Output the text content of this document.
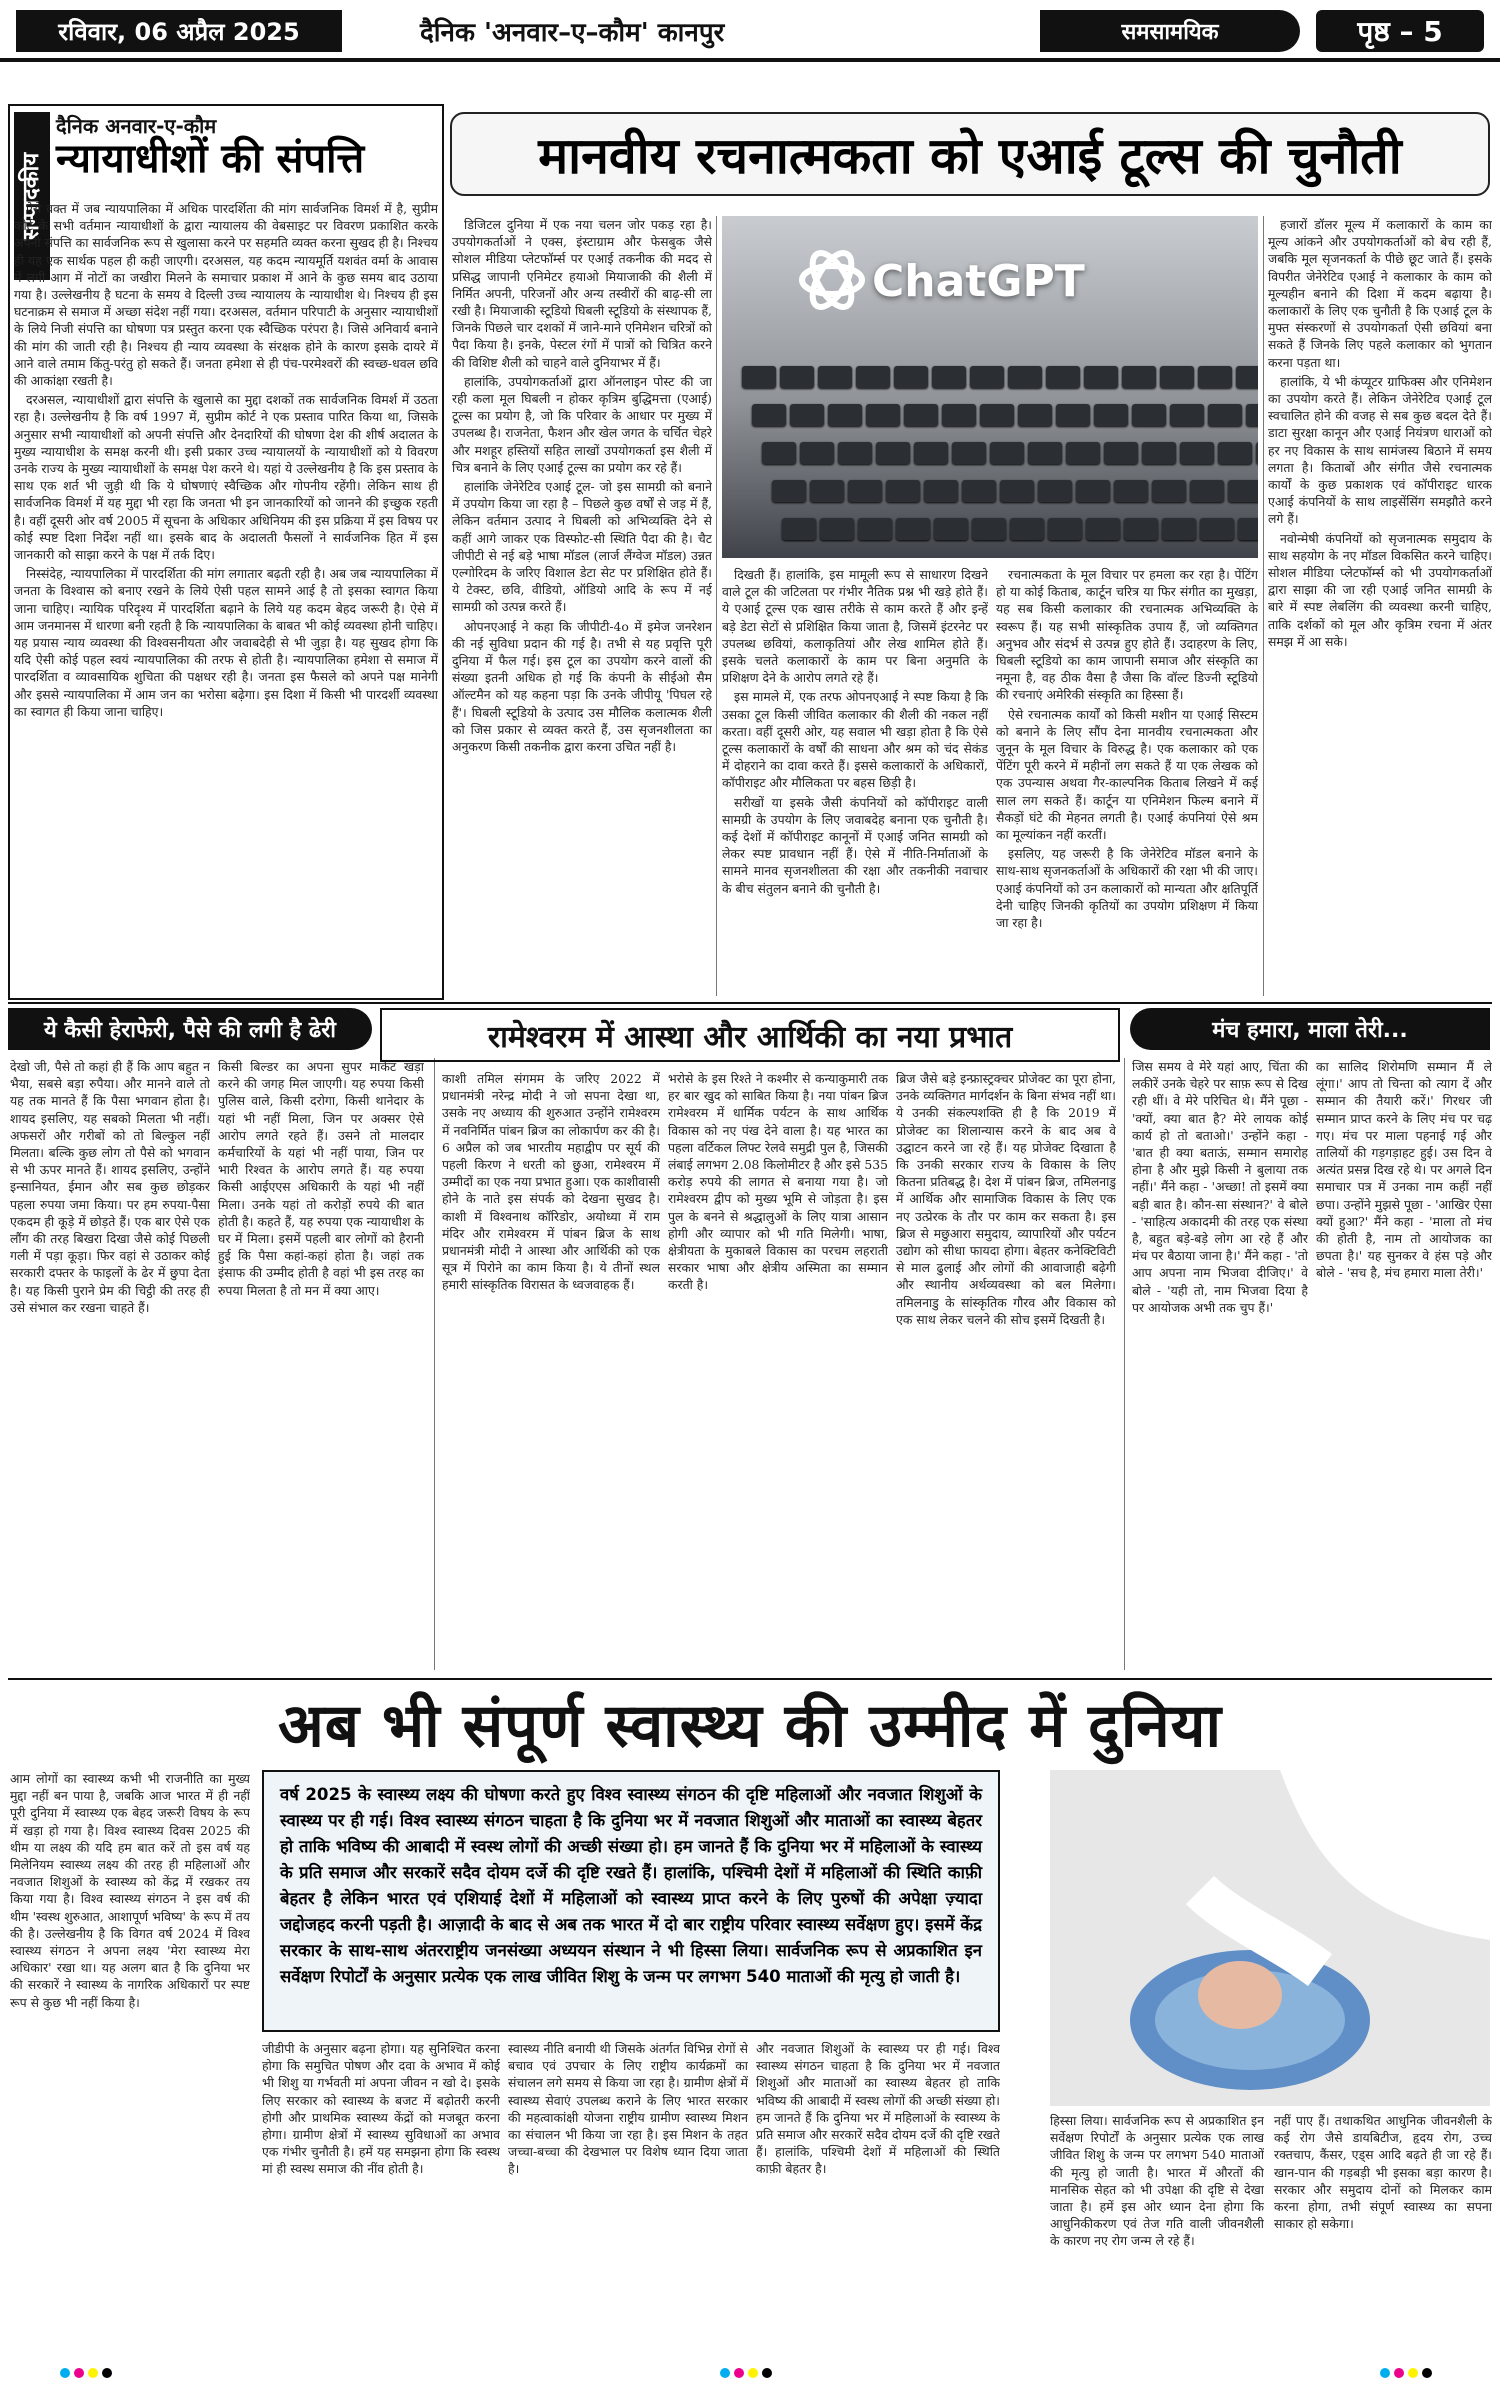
रविवार, 06 अप्रैल 2025	दैनिक 'अनवार–ए–कौम' कानपुर	समसामयिक	पृष्ठ – 5
सम्पादकीय
दैनिक अनवार-ए-कौम
न्यायाधीशों की संपत्ति

ऐसे वक्त में जब न्यायपालिका में अधिक पारदर्शिता की मांग सार्वजनिक विमर्श में है, सुप्रीम कोर्ट के सभी वर्तमान न्यायाधीशों के द्वारा न्यायालय की वेबसाइट पर विवरण प्रकाशित करके अपनी संपत्ति का सार्वजनिक रूप से खुलासा करने पर सहमति व्यक्त करना सुखद ही है। निश्चय ही यह एक सार्थक पहल ही कही जाएगी। दरअसल, यह कदम न्यायमूर्ति यशवंत वर्मा के आवास में लगी आग में नोटों का जखीरा मिलने के समाचार प्रकाश में आने के कुछ समय बाद उठाया गया है। उल्लेखनीय है घटना के समय वे दिल्ली उच्च न्यायालय के न्यायाधीश थे। निश्चय ही इस घटनाक्रम से समाज में अच्छा संदेश नहीं गया। दरअसल, वर्तमान परिपाटी के अनुसार न्यायाधीशों के लिये निजी संपत्ति का घोषणा पत्र प्रस्तुत करना एक स्वैच्छिक परंपरा है। जिसे अनिवार्य बनाने की मांग की जाती रही है। निश्चय ही न्याय व्यवस्था के संरक्षक होने के कारण इसके दायरे में आने वाले तमाम किंतु-परंतु हो सकते हैं। जनता हमेशा से ही पंच-परमेश्वरों की स्वच्छ-धवल छवि की आकांक्षा रखती है।

दरअसल, न्यायाधीशों द्वारा संपत्ति के खुलासे का मुद्दा दशकों तक सार्वजनिक विमर्श में उठता रहा है। उल्लेखनीय है कि वर्ष 1997 में, सुप्रीम कोर्ट ने एक प्रस्ताव पारित किया था, जिसके अनुसार सभी न्यायाधीशों को अपनी संपत्ति और देनदारियों की घोषणा देश की शीर्ष अदालत के मुख्य न्यायाधीश के समक्ष करनी थी। इसी प्रकार उच्च न्यायालयों के न्यायाधीशों को ये विवरण उनके राज्य के मुख्य न्यायाधीशों के समक्ष पेश करने थे। यहां ये उल्लेखनीय है कि इस प्रस्ताव के साथ एक शर्त भी जुड़ी थी कि ये घोषणाएं स्वैच्छिक और गोपनीय रहेंगी। लेकिन साथ ही सार्वजनिक विमर्श में यह मुद्दा भी रहा कि जनता भी इन जानकारियों को जानने की इच्छुक रहती है। वहीं दूसरी ओर वर्ष 2005 में सूचना के अधिकार अधिनियम की इस प्रक्रिया में इस विषय पर कोई स्पष्ट दिशा निर्देश नहीं था। इसके बाद के अदालती फैसलों ने सार्वजनिक हित में इस जानकारी को साझा करने के पक्ष में तर्क दिए।

निस्संदेह, न्यायपालिका में पारदर्शिता की मांग लगातार बढ़ती रही है। अब जब न्यायपालिका में जनता के विश्वास को बनाए रखने के लिये ऐसी पहल सामने आई है तो इसका स्वागत किया जाना चाहिए। न्यायिक परिदृश्य में पारदर्शिता बढ़ाने के लिये यह कदम बेहद जरूरी है। ऐसे में आम जनमानस में धारणा बनी रहती है कि न्यायपालिका के बाबत भी कोई व्यवस्था होनी चाहिए। यह प्रयास न्याय व्यवस्था की विश्वसनीयता और जवाबदेही से भी जुड़ा है। यह सुखद होगा कि यदि ऐसी कोई पहल स्वयं न्यायपालिका की तरफ से होती है। न्यायपालिका हमेशा से समाज में पारदर्शिता व व्यावसायिक शुचिता की पक्षधर रही है। जनता इस फैसले को अपने पक्ष मानेगी और इससे न्यायपालिका में आम जन का भरोसा बढ़ेगा। इस दिशा में किसी भी पारदर्शी व्यवस्था का स्वागत ही किया जाना चाहिए।

मानवीय रचनात्मकता को एआई टूल्स की चुनौती

डिजिटल दुनिया में एक नया चलन जोर पकड़ रहा है। उपयोगकर्ताओं ने एक्स, इंस्टाग्राम और फेसबुक जैसे सोशल मीडिया प्लेटफॉर्म्स पर एआई तकनीक की मदद से प्रसिद्ध जापानी एनिमेटर हयाओ मियाजाकी की शैली में निर्मित अपनी, परिजनों और अन्य तस्वीरों की बाढ़-सी ला रखी है। मियाजाकी स्टूडियो घिबली स्टूडियो के संस्थापक हैं, जिनके पिछले चार दशकों में जाने-माने एनिमेशन चरित्रों को पैदा किया है। इनके, पेस्टल रंगों में पात्रों को चित्रित करने की विशिष्ट शैली को चाहने वाले दुनियाभर में हैं।

हालांकि, उपयोगकर्ताओं द्वारा ऑनलाइन पोस्ट की जा रही कला मूल घिबली न होकर कृत्रिम बुद्धिमत्ता (एआई) टूल्स का प्रयोग है, जो कि परिवार के आधार पर मुख्य में उपलब्ध है। राजनेता, फैशन और खेल जगत के चर्चित चेहरे और मशहूर हस्तियों सहित लाखों उपयोगकर्ता इस शैली में चित्र बनाने के लिए एआई टूल्स का प्रयोग कर रहे हैं।

हालांकि जेनेरेटिव एआई टूल- जो इस सामग्री को बनाने में उपयोग किया जा रहा है – पिछले कुछ वर्षों से जड़ में हैं, लेकिन वर्तमान उत्पाद ने घिबली को अभिव्यक्ति देने से कहीं आगे जाकर एक विस्फोट-सी स्थिति पैदा की है। चैट जीपीटी से नई बड़े भाषा मॉडल (लार्ज लैंग्वेज मॉडल) उन्नत एल्गोरिदम के जरिए विशाल डेटा सेट पर प्रशिक्षित होते हैं। ये टेक्स्ट, छवि, वीडियो, ऑडियो आदि के रूप में नई सामग्री को उत्पन्न करते हैं।

ओपनएआई ने कहा कि जीपीटी-4o में इमेज जनरेशन की नई सुविधा प्रदान की गई है। तभी से यह प्रवृत्ति पूरी दुनिया में फैल गई। इस टूल का उपयोग करने वालों की संख्या इतनी अधिक हो गई कि कंपनी के सीईओ सैम ऑल्टमैन को यह कहना पड़ा कि उनके जीपीयू 'पिघल रहे हैं'। घिबली स्टूडियो के उत्पाद उस मौलिक कलात्मक शैली को जिस प्रकार से व्यक्त करते हैं, उस सृजनशीलता का अनुकरण किसी तकनीक द्वारा करना उचित नहीं है।

ChatGPT

दिखती हैं। हालांकि, इस मामूली रूप से साधारण दिखने वाले टूल की जटिलता पर गंभीर नैतिक प्रश्न भी खड़े होते हैं। ये एआई टूल्स एक खास तरीके से काम करते हैं और इन्हें बड़े डेटा सेटों से प्रशिक्षित किया जाता है, जिसमें इंटरनेट पर उपलब्ध छवियां, कलाकृतियां और लेख शामिल होते हैं। इसके चलते कलाकारों के काम पर बिना अनुमति के प्रशिक्षण देने के आरोप लगते रहे हैं।

इस मामले में, एक तरफ ओपनएआई ने स्पष्ट किया है कि उसका टूल किसी जीवित कलाकार की शैली की नकल नहीं करता। वहीं दूसरी ओर, यह सवाल भी खड़ा होता है कि ऐसे टूल्स कलाकारों के वर्षों की साधना और श्रम को चंद सेकंड में दोहराने का दावा करते हैं। इससे कलाकारों के अधिकारों, कॉपीराइट और मौलिकता पर बहस छिड़ी है।

सरीखों या इसके जैसी कंपनियों को कॉपीराइट वाली सामग्री के उपयोग के लिए जवाबदेह बनाना एक चुनौती है। कई देशों में कॉपीराइट कानूनों में एआई जनित सामग्री को लेकर स्पष्ट प्रावधान नहीं हैं। ऐसे में नीति-निर्माताओं के सामने मानव सृजनशीलता की रक्षा और तकनीकी नवाचार के बीच संतुलन बनाने की चुनौती है।

रचनात्मकता के मूल विचार पर हमला कर रहा है। पेंटिंग हो या कोई किताब, कार्टून चरित्र या फिर संगीत का मुखड़ा, यह सब किसी कलाकार की रचनात्मक अभिव्यक्ति के स्वरूप हैं। यह सभी सांस्कृतिक उपाय हैं, जो व्यक्तिगत अनुभव और संदर्भ से उत्पन्न हुए होते हैं। उदाहरण के लिए, घिबली स्टूडियो का काम जापानी समाज और संस्कृति का नमूना है, वह ठीक वैसा है जैसा कि वॉल्ट डिज्नी स्टूडियो की रचनाएं अमेरिकी संस्कृति का हिस्सा हैं।

ऐसे रचनात्मक कार्यों को किसी मशीन या एआई सिस्टम को बनाने के लिए सौंप देना मानवीय रचनात्मकता और जुनून के मूल विचार के विरुद्ध है। एक कलाकार को एक पेंटिंग पूरी करने में महीनों लग सकते हैं या एक लेखक को एक उपन्यास अथवा गैर-काल्पनिक किताब लिखने में कई साल लग सकते हैं। कार्टून या एनिमेशन फिल्म बनाने में सैकड़ों घंटे की मेहनत लगती है। एआई कंपनियां ऐसे श्रम का मूल्यांकन नहीं करतीं।

इसलिए, यह जरूरी है कि जेनेरेटिव मॉडल बनाने के साथ-साथ सृजनकर्ताओं के अधिकारों की रक्षा भी की जाए। एआई कंपनियों को उन कलाकारों को मान्यता और क्षतिपूर्ति देनी चाहिए जिनकी कृतियों का उपयोग प्रशिक्षण में किया जा रहा है।

हजारों डॉलर मूल्य में कलाकारों के काम का मूल्य आंकने और उपयोगकर्ताओं को बेच रही हैं, जबकि मूल सृजनकर्ता के पीछे छूट जाते हैं। इसके विपरीत जेनेरेटिव एआई ने कलाकार के काम को मूल्यहीन बनाने की दिशा में कदम बढ़ाया है। कलाकारों के लिए एक चुनौती है कि एआई टूल के मुफ्त संस्करणों से उपयोगकर्ता ऐसी छवियां बना सकते हैं जिनके लिए पहले कलाकार को भुगतान करना पड़ता था।

हालांकि, ये भी कंप्यूटर ग्राफिक्स और एनिमेशन का उपयोग करते हैं। लेकिन जेनेरेटिव एआई टूल स्वचालित होने की वजह से सब कुछ बदल देते हैं। डाटा सुरक्षा कानून और एआई नियंत्रण धाराओं को हर नए विकास के साथ सामंजस्य बिठाने में समय लगता है। किताबों और संगीत जैसे रचनात्मक कार्यों के कुछ प्रकाशक एवं कॉपीराइट धारक एआई कंपनियों के साथ लाइसेंसिंग समझौते करने लगे हैं।

नवोन्मेषी कंपनियों को सृजनात्मक समुदाय के साथ सहयोग के नए मॉडल विकसित करने चाहिए। सोशल मीडिया प्लेटफॉर्म्स को भी उपयोगकर्ताओं द्वारा साझा की जा रही एआई जनित सामग्री के बारे में स्पष्ट लेबलिंग की व्यवस्था करनी चाहिए, ताकि दर्शकों को मूल और कृत्रिम रचना में अंतर समझ में आ सके।

ये कैसी हेराफेरी, पैसे की लगी है ढेरी
देखो जी, पैसे तो कहां ही हैं कि आप बहुत न भैया, सबसे बड़ा रुपैया। और मानने वाले तो यह तक मानते हैं कि पैसा भगवान होता है। शायद इसलिए, यह सबको मिलता भी नहीं। अफसरों और गरीबों को तो बिल्कुल नहीं मिलता। बल्कि कुछ लोग तो पैसे को भगवान से भी ऊपर मानते हैं। शायद इसलिए, उन्होंने इन्सानियत, ईमान और सब कुछ छोड़कर पहला रुपया जमा किया। पर हम रुपया-पैसा एकदम ही कूड़े में छोड़ते हैं। एक बार ऐसे एक लौंग की तरह बिखरा दिखा जैसे कोई पिछली गली में पड़ा कूड़ा। फिर वहां से उठाकर कोई सरकारी दफ्तर के फाइलों के ढेर में छुपा देता है। यह किसी पुराने प्रेम की चिट्ठी की तरह ही उसे संभाल कर रखना चाहते हैं।
किसी बिल्डर का अपना सुपर मार्केट खड़ा करने की जगह मिल जाएगी। यह रुपया किसी पुलिस वाले, किसी दरोगा, किसी थानेदार के यहां भी नहीं मिला, जिन पर अक्सर ऐसे आरोप लगते रहते हैं। उसने तो मालदार कर्मचारियों के यहां भी नहीं पाया, जिन पर भारी रिश्वत के आरोप लगते हैं। यह रुपया किसी आईएएस अधिकारी के यहां भी नहीं मिला। उनके यहां तो करोड़ों रुपये की बात होती है। कहते हैं, यह रुपया एक न्यायाधीश के घर में मिला। इसमें पहली बार लोगों को हैरानी हुई कि पैसा कहां-कहां होता है। जहां तक इंसाफ की उम्मीद होती है वहां भी इस तरह का रुपया मिलता है तो मन में क्या आए।
रामेश्वरम में आस्था और आर्थिकी का नया प्रभात
काशी तमिल संगमम के जरिए 2022 में प्रधानमंत्री नरेन्द्र मोदी ने जो सपना देखा था, उसके नए अध्याय की शुरुआत उन्होंने रामेश्वरम में नवनिर्मित पांबन ब्रिज का लोकार्पण कर की है। 6 अप्रैल को जब भारतीय महाद्वीप पर सूर्य की पहली किरण ने धरती को छुआ, रामेश्वरम में उम्मीदों का एक नया प्रभात हुआ। एक काशीवासी होने के नाते इस संपर्क को देखना सुखद है। काशी में विश्वनाथ कॉरिडोर, अयोध्या में राम मंदिर और रामेश्वरम में पांबन ब्रिज के साथ प्रधानमंत्री मोदी ने आस्था और आर्थिकी को एक सूत्र में पिरोने का काम किया है। ये तीनों स्थल हमारी सांस्कृतिक विरासत के ध्वजवाहक हैं।
भरोसे के इस रिश्ते ने कश्मीर से कन्याकुमारी तक हर बार खुद को साबित किया है। नया पांबन ब्रिज रामेश्वरम में धार्मिक पर्यटन के साथ आर्थिक विकास को नए पंख देने वाला है। यह भारत का पहला वर्टिकल लिफ्ट रेलवे समुद्री पुल है, जिसकी लंबाई लगभग 2.08 किलोमीटर है और इसे 535 करोड़ रुपये की लागत से बनाया गया है। जो रामेश्वरम द्वीप को मुख्य भूमि से जोड़ता है। इस पुल के बनने से श्रद्धालुओं के लिए यात्रा आसान होगी और व्यापार को भी गति मिलेगी। भाषा, क्षेत्रीयता के मुकाबले विकास का परचम लहराती सरकार भाषा और क्षेत्रीय अस्मिता का सम्मान करती है।
ब्रिज जैसे बड़े इन्फ्रास्ट्रक्चर प्रोजेक्ट का पूरा होना, उनके व्यक्तिगत मार्गदर्शन के बिना संभव नहीं था। ये उनकी संकल्पशक्ति ही है कि 2019 में प्रोजेक्ट का शिलान्यास करने के बाद अब वे उद्घाटन करने जा रहे हैं। यह प्रोजेक्ट दिखाता है कि उनकी सरकार राज्य के विकास के लिए कितना प्रतिबद्ध है। देश में पांबन ब्रिज, तमिलनाडु में आर्थिक और सामाजिक विकास के लिए एक नए उत्प्रेरक के तौर पर काम कर सकता है। इस ब्रिज से मछुआरा समुदाय, व्यापारियों और पर्यटन उद्योग को सीधा फायदा होगा। बेहतर कनेक्टिविटी से माल ढुलाई और लोगों की आवाजाही बढ़ेगी और स्थानीय अर्थव्यवस्था को बल मिलेगा। तमिलनाडु के सांस्कृतिक गौरव और विकास को एक साथ लेकर चलने की सोच इसमें दिखती है।
मंच हमारा, माला तेरी...
जिस समय वे मेरे यहां आए, चिंता की लकीरें उनके चेहरे पर साफ़ रूप से दिख रही थीं। वे मेरे परिचित थे। मैंने पूछा - 'क्यों, क्या बात है? मेरे लायक कोई कार्य हो तो बताओ।' उन्होंने कहा - 'बात ही क्या बताऊं, सम्मान समारोह होना है और मुझे किसी ने बुलाया तक नहीं।' मैंने कहा - 'अच्छा! तो इसमें क्या बड़ी बात है। कौन-सा संस्थान?' वे बोले - 'साहित्य अकादमी की तरह एक संस्था है, बहुत बड़े-बड़े लोग आ रहे हैं और मंच पर बैठाया जाना है।' मैंने कहा - 'तो आप अपना नाम भिजवा दीजिए।' वे बोले - 'यही तो, नाम भिजवा दिया है पर आयोजक अभी तक चुप हैं।'
का सालिद शिरोमणि सम्मान मैं ले लूंगा।' आप तो चिन्ता को त्याग दें और सम्मान की तैयारी करें।' गिरधर जी सम्मान प्राप्त करने के लिए मंच पर चढ़ गए। मंच पर माला पहनाई गई और तालियों की गड़गड़ाहट हुई। उस दिन वे अत्यंत प्रसन्न दिख रहे थे। पर अगले दिन समाचार पत्र में उनका नाम कहीं नहीं छपा। उन्होंने मुझसे पूछा - 'आखिर ऐसा क्यों हुआ?' मैंने कहा - 'माला तो मंच की होती है, नाम तो आयोजक का छपता है।' यह सुनकर वे हंस पड़े और बोले - 'सच है, मंच हमारा माला तेरी।'
अब भी संपूर्ण स्वास्थ्य की उम्मीद में दुनिया
आम लोगों का स्वास्थ्य कभी भी राजनीति का मुख्य मुद्दा नहीं बन पाया है, जबकि आज भारत में ही नहीं पूरी दुनिया में स्वास्थ्य एक बेहद जरूरी विषय के रूप में खड़ा हो गया है। विश्व स्वास्थ्य दिवस 2025 की थीम या लक्ष्य की यदि हम बात करें तो इस वर्ष यह मिलेनियम स्वास्थ्य लक्ष्य की तरह ही महिलाओं और नवजात शिशुओं के स्वास्थ्य को केंद्र में रखकर तय किया गया है। विश्व स्वास्थ्य संगठन ने इस वर्ष की थीम 'स्वस्थ शुरुआत, आशापूर्ण भविष्य' के रूप में तय की है। उल्लेखनीय है कि विगत वर्ष 2024 में विश्व स्वास्थ्य संगठन ने अपना लक्ष्य 'मेरा स्वास्थ्य मेरा अधिकार' रखा था। यह अलग बात है कि दुनिया भर की सरकारें ने स्वास्थ्य के नागरिक अधिकारों पर स्पष्ट रूप से कुछ भी नहीं किया है।
वर्ष 2025 के स्वास्थ्य लक्ष्य की घोषणा करते हुए विश्व स्वास्थ्य संगठन की दृष्टि महिलाओं और नवजात शिशुओं के स्वास्थ्य पर ही गई। विश्व स्वास्थ्य संगठन चाहता है कि दुनिया भर में नवजात शिशुओं और माताओं का स्वास्थ्य बेहतर हो ताकि भविष्य की आबादी में स्वस्थ लोगों की अच्छी संख्या हो। हम जानते हैं कि दुनिया भर में महिलाओं के स्वास्थ्य के प्रति समाज और सरकारें सदैव दोयम दर्जे की दृष्टि रखते हैं। हालांकि, पश्चिमी देशों में महिलाओं की स्थिति काफ़ी बेहतर है लेकिन भारत एवं एशियाई देशों में महिलाओं को स्वास्थ्य प्राप्त करने के लिए पुरुषों की अपेक्षा ज़्यादा जद्दोजहद करनी पड़ती है। आज़ादी के बाद से अब तक भारत में दो बार राष्ट्रीय परिवार स्वास्थ्य सर्वेक्षण हुए। इसमें केंद्र सरकार के साथ-साथ अंतरराष्ट्रीय जनसंख्या अध्ययन संस्थान ने भी हिस्सा लिया। सार्वजनिक रूप से अप्रकाशित इन सर्वेक्षण रिपोर्टों के अनुसार प्रत्येक एक लाख जीवित शिशु के जन्म पर लगभग 540 माताओं की मृत्यु हो जाती है।
जीडीपी के अनुसार बढ़ना होगा। यह सुनिश्चित करना होगा कि समुचित पोषण और दवा के अभाव में कोई भी शिशु या गर्भवती मां अपना जीवन न खो दे। इसके लिए सरकार को स्वास्थ्य के बजट में बढ़ोतरी करनी होगी और प्राथमिक स्वास्थ्य केंद्रों को मजबूत करना होगा। ग्रामीण क्षेत्रों में स्वास्थ्य सुविधाओं का अभाव एक गंभीर चुनौती है। हमें यह समझना होगा कि स्वस्थ मां ही स्वस्थ समाज की नींव होती है।
स्वास्थ्य नीति बनायी थी जिसके अंतर्गत विभिन्न रोगों से बचाव एवं उपचार के लिए राष्ट्रीय कार्यक्रमों का संचालन लगे समय से किया जा रहा है। ग्रामीण क्षेत्रों में स्वास्थ्य सेवाएं उपलब्ध कराने के लिए भारत सरकार की महत्वाकांक्षी योजना राष्ट्रीय ग्रामीण स्वास्थ्य मिशन का संचालन भी किया जा रहा है। इस मिशन के तहत जच्चा-बच्चा की देखभाल पर विशेष ध्यान दिया जाता है।
और नवजात शिशुओं के स्वास्थ्य पर ही गई। विश्व स्वास्थ्य संगठन चाहता है कि दुनिया भर में नवजात शिशुओं और माताओं का स्वास्थ्य बेहतर हो ताकि भविष्य की आबादी में स्वस्थ लोगों की अच्छी संख्या हो। हम जानते हैं कि दुनिया भर में महिलाओं के स्वास्थ्य के प्रति समाज और सरकारें सदैव दोयम दर्जे की दृष्टि रखते हैं। हालांकि, पश्चिमी देशों में महिलाओं की स्थिति काफ़ी बेहतर है।
हिस्सा लिया। सार्वजनिक रूप से अप्रकाशित इन सर्वेक्षण रिपोर्टों के अनुसार प्रत्येक एक लाख जीवित शिशु के जन्म पर लगभग 540 माताओं की मृत्यु हो जाती है। भारत में औरतों की मानसिक सेहत को भी उपेक्षा की दृष्टि से देखा जाता है। हमें इस ओर ध्यान देना होगा कि आधुनिकीकरण एवं तेज गति वाली जीवनशैली के कारण नए रोग जन्म ले रहे हैं।
नहीं पाए हैं। तथाकथित आधुनिक जीवनशैली के कई रोग जैसे डायबिटीज, हृदय रोग, उच्च रक्तचाप, कैंसर, एड्स आदि बढ़ते ही जा रहे हैं। खान-पान की गड़बड़ी भी इसका बड़ा कारण है। सरकार और समुदाय दोनों को मिलकर काम करना होगा, तभी संपूर्ण स्वास्थ्य का सपना साकार हो सकेगा।
